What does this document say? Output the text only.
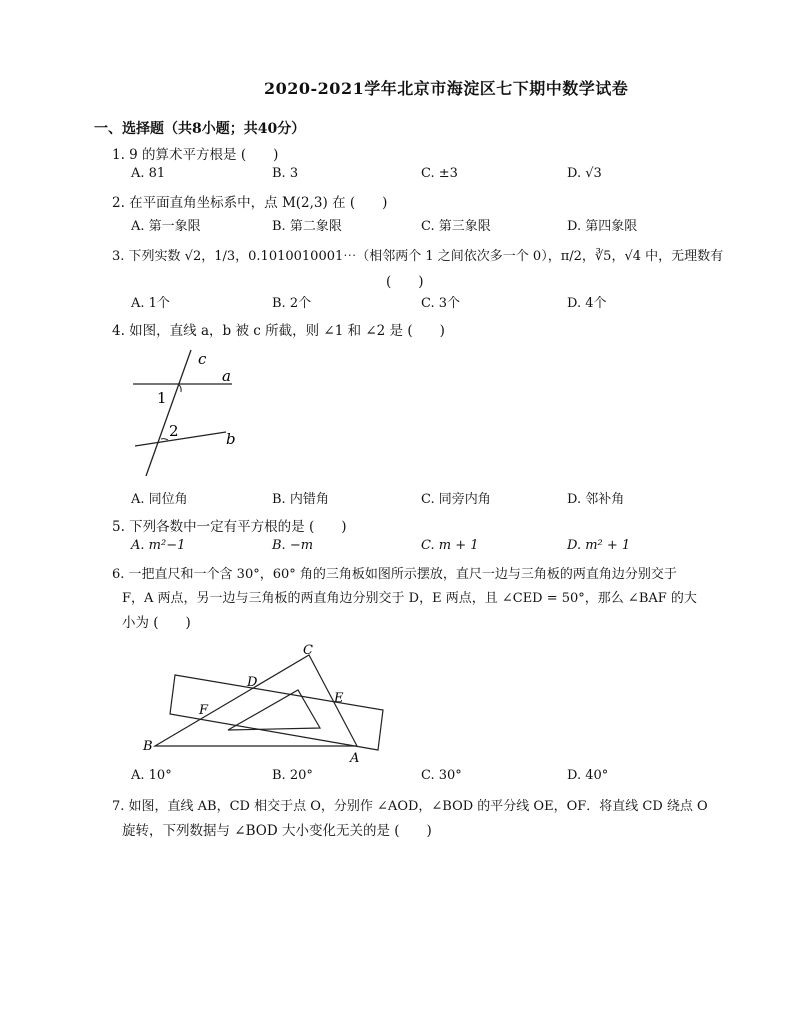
2020-2021学年北京市海淀区七下期中数学试卷
一、选择题（共8小题；共40分）
1. 9 的算术平方根是 (　　)
A. 81	B. 3	C. ±3	D. √3
2. 在平面直角坐标系中，点 M(2,3) 在 (　　)
A. 第一象限	B. 第二象限	C. 第三象限	D. 第四象限
3. 下列实数 √2，1/3，0.1010010001⋯（相邻两个 1 之间依次多一个 0），π/2，∛5，√4 中，无理数有
(　　)
A. 1个	B. 2个	C. 3个	D. 4个
4. 如图，直线 a，b 被 c 所截，则 ∠1 和 ∠2 是 (　　)
c
a
1
2	b
A. 同位角	B. 内错角	C. 同旁内角	D. 邻补角
5. 下列各数中一定有平方根的是 (　　)
A. m²−1	B. −m	C. m + 1	D. m² + 1
6. 一把直尺和一个含 30°，60° 角的三角板如图所示摆放，直尺一边与三角板的两直角边分别交于
F，A 两点，另一边与三角板的两直角边分别交于 D，E 两点，且 ∠CED = 50°，那么 ∠BAF 的大
小为 (　　)
C
D
E
F
B
A
A. 10°	B. 20°	C. 30°	D. 40°
7. 如图，直线 AB，CD 相交于点 O，分别作 ∠AOD，∠BOD 的平分线 OE，OF．将直线 CD 绕点 O
旋转，下列数据与 ∠BOD 大小变化无关的是 (　　)
